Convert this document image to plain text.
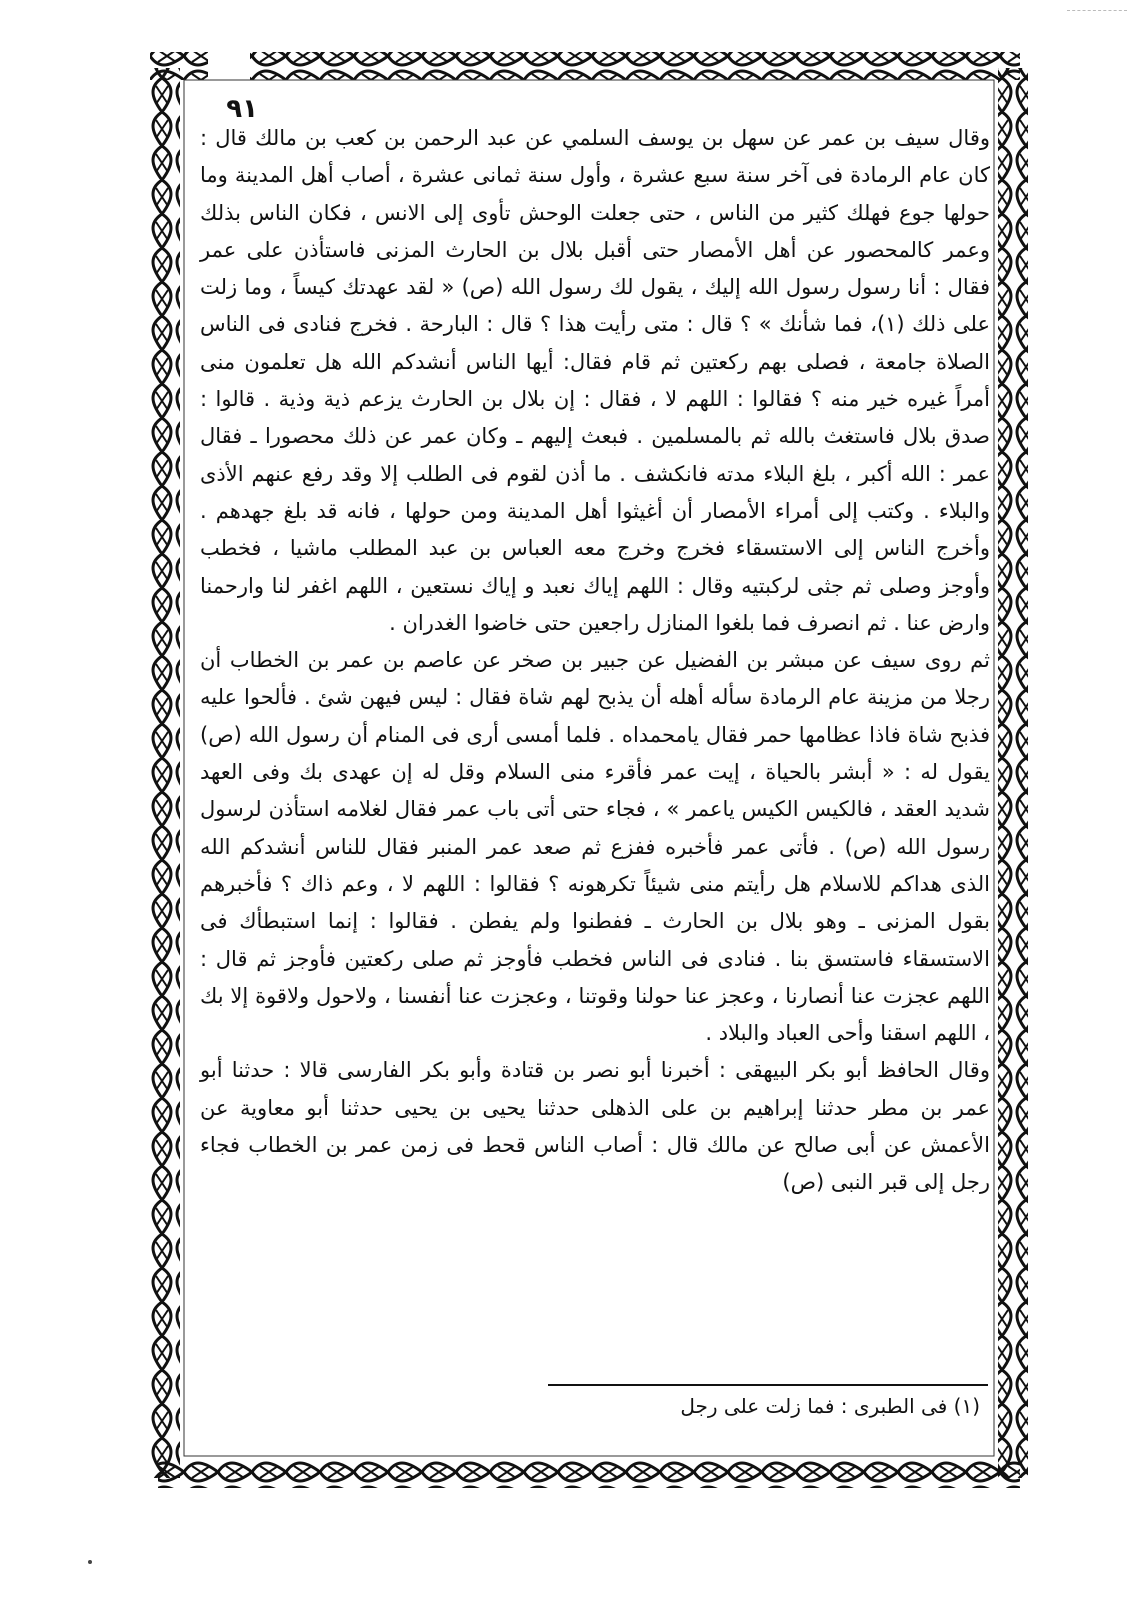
٩١

وقال سيف بن عمر عن سهل بن يوسف السلمي عن عبد الرحمن بن كعب بن مالك قال : كان عام الرمادة فى آخر سنة سبع عشرة ، وأول سنة ثمانى عشرة ، أصاب أهل المدينة وما حولها جوع فهلك كثير من الناس ، حتى جعلت الوحش تأوى إلى الانس ، فكان الناس بذلك وعمر كالمحصور عن أهل الأمصار حتى أقبل بلال بن الحارث المزنى فاستأذن على عمر فقال : أنا رسول رسول الله إليك ، يقول لك رسول الله (ص) « لقد عهدتك كيساً ، وما زلت على ذلك (١)، فما شأنك » ؟ قال : متى رأيت هذا ؟ قال : البارحة . فخرج فنادى فى الناس الصلاة جامعة ، فصلى بهم ركعتين ثم قام فقال: أيها الناس أنشدكم الله هل تعلمون منى أمراً غيره خير منه ؟ فقالوا : اللهم لا ، فقال : إن بلال بن الحارث يزعم ذية وذية . قالوا : صدق بلال فاستغث بالله ثم بالمسلمين . فبعث إليهم ـ وكان عمر عن ذلك محصورا ـ فقال عمر : الله أكبر ، بلغ البلاء مدته فانكشف . ما أذن لقوم فى الطلب إلا وقد رفع عنهم الأذى والبلاء . وكتب إلى أمراء الأمصار أن أغيثوا أهل المدينة ومن حولها ، فانه قد بلغ جهدهم . وأخرج الناس إلى الاستسقاء فخرج وخرج معه العباس بن عبد المطلب ماشيا ، فخطب وأوجز وصلى ثم جثى لركبتيه وقال : اللهم إياك نعبد و إياك نستعين ، اللهم اغفر لنا وارحمنا وارض عنا . ثم انصرف فما بلغوا المنازل راجعين حتى خاضوا الغدران .

ثم روى سيف عن مبشر بن الفضيل عن جبير بن صخر عن عاصم بن عمر بن الخطاب أن رجلا من مزينة عام الرمادة سأله أهله أن يذبح لهم شاة فقال : ليس فيهن شئ . فألحوا عليه فذبح شاة فاذا عظامها حمر فقال يامحمداه . فلما أمسى أرى فى المنام أن رسول الله (ص) يقول له : « أبشر بالحياة ، إيت عمر فأقرء منى السلام وقل له إن عهدى بك وفى العهد شديد العقد ، فالكيس الكيس ياعمر » ، فجاء حتى أتى باب عمر فقال لغلامه استأذن لرسول رسول الله (ص) . فأتى عمر فأخبره ففزع ثم صعد عمر المنبر فقال للناس أنشدكم الله الذى هداكم للاسلام هل رأيتم منى شيئاً تكرهونه ؟ فقالوا : اللهم لا ، وعم ذاك ؟ فأخبرهم بقول المزنى ـ وهو بلال بن الحارث ـ ففطنوا ولم يفطن . فقالوا : إنما استبطأك فى الاستسقاء فاستسق بنا . فنادى فى الناس فخطب فأوجز ثم صلى ركعتين فأوجز ثم قال : اللهم عجزت عنا أنصارنا ، وعجز عنا حولنا وقوتنا ، وعجزت عنا أنفسنا ، ولاحول ولاقوة إلا بك ، اللهم اسقنا وأحى العباد والبلاد .

وقال الحافظ أبو بكر البيهقى : أخبرنا أبو نصر بن قتادة وأبو بكر الفارسى قالا : حدثنا أبو عمر بن مطر حدثنا إبراهيم بن على الذهلى حدثنا يحيى بن يحيى حدثنا أبو معاوية عن الأعمش عن أبى صالح عن مالك قال : أصاب الناس قحط فى زمن عمر بن الخطاب فجاء رجل إلى قبر النبى (ص)

(١) فى الطبرى : فما زلت على رجل
